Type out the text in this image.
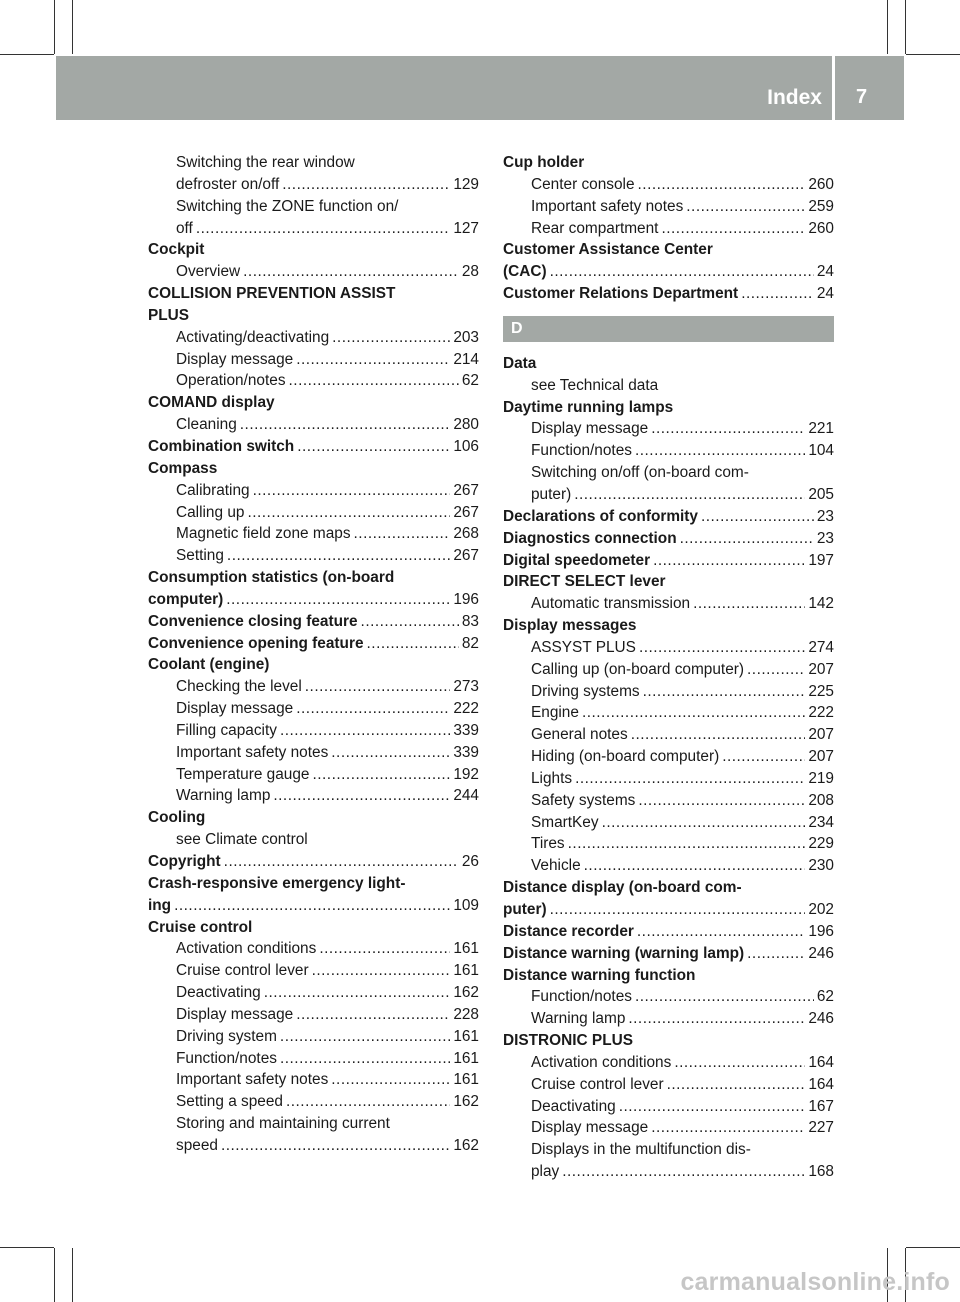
Index 7
Switching the rear window
defroster on/off .....	129
Switching the ZONE function on/
off .....	127
Cockpit
Overview .....	28
COLLISION PREVENTION ASSIST
PLUS
Activating/deactivating .....	203
Display message .....	214
Operation/notes .....	62
COMAND display
Cleaning .....	280
Combination switch .....	106
Compass
Calibrating .....	267
Calling up .....	267
Magnetic field zone maps .....	268
Setting .....	267
Consumption statistics (on-board
computer) .....	196
Convenience closing feature .....	83
Convenience opening feature .....	82
Coolant (engine)
Checking the level .....	273
Display message .....	222
Filling capacity .....	339
Important safety notes .....	339
Temperature gauge .....	192
Warning lamp .....	244
Cooling
see Climate control
Copyright .....	26
Crash-responsive emergency light-
ing .....	109
Cruise control
Activation conditions .....	161
Cruise control lever .....	161
Deactivating .....	162
Display message .....	228
Driving system .....	161
Function/notes .....	161
Important safety notes .....	161
Setting a speed .....	162
Storing and maintaining current
speed .....	162
Cup holder
Center console .....	260
Important safety notes .....	259
Rear compartment .....	260
Customer Assistance Center
(CAC) .....	24
Customer Relations Department .....	24
D
Data
see Technical data
Daytime running lamps
Display message .....	221
Function/notes .....	104
Switching on/off (on-board com-
puter) .....	205
Declarations of conformity .....	23
Diagnostics connection .....	23
Digital speedometer .....	197
DIRECT SELECT lever
Automatic transmission .....	142
Display messages
ASSYST PLUS .....	274
Calling up (on-board computer) .....	207
Driving systems .....	225
Engine .....	222
General notes .....	207
Hiding (on-board computer) .....	207
Lights .....	219
Safety systems .....	208
SmartKey .....	234
Tires .....	229
Vehicle .....	230
Distance display (on-board com-
puter) .....	202
Distance recorder .....	196
Distance warning (warning lamp) .....	246
Distance warning function
Function/notes .....	62
Warning lamp .....	246
DISTRONIC PLUS
Activation conditions .....	164
Cruise control lever .....	164
Deactivating .....	167
Display message .....	227
Displays in the multifunction dis-
play .....	168
carmanualsonline.info
